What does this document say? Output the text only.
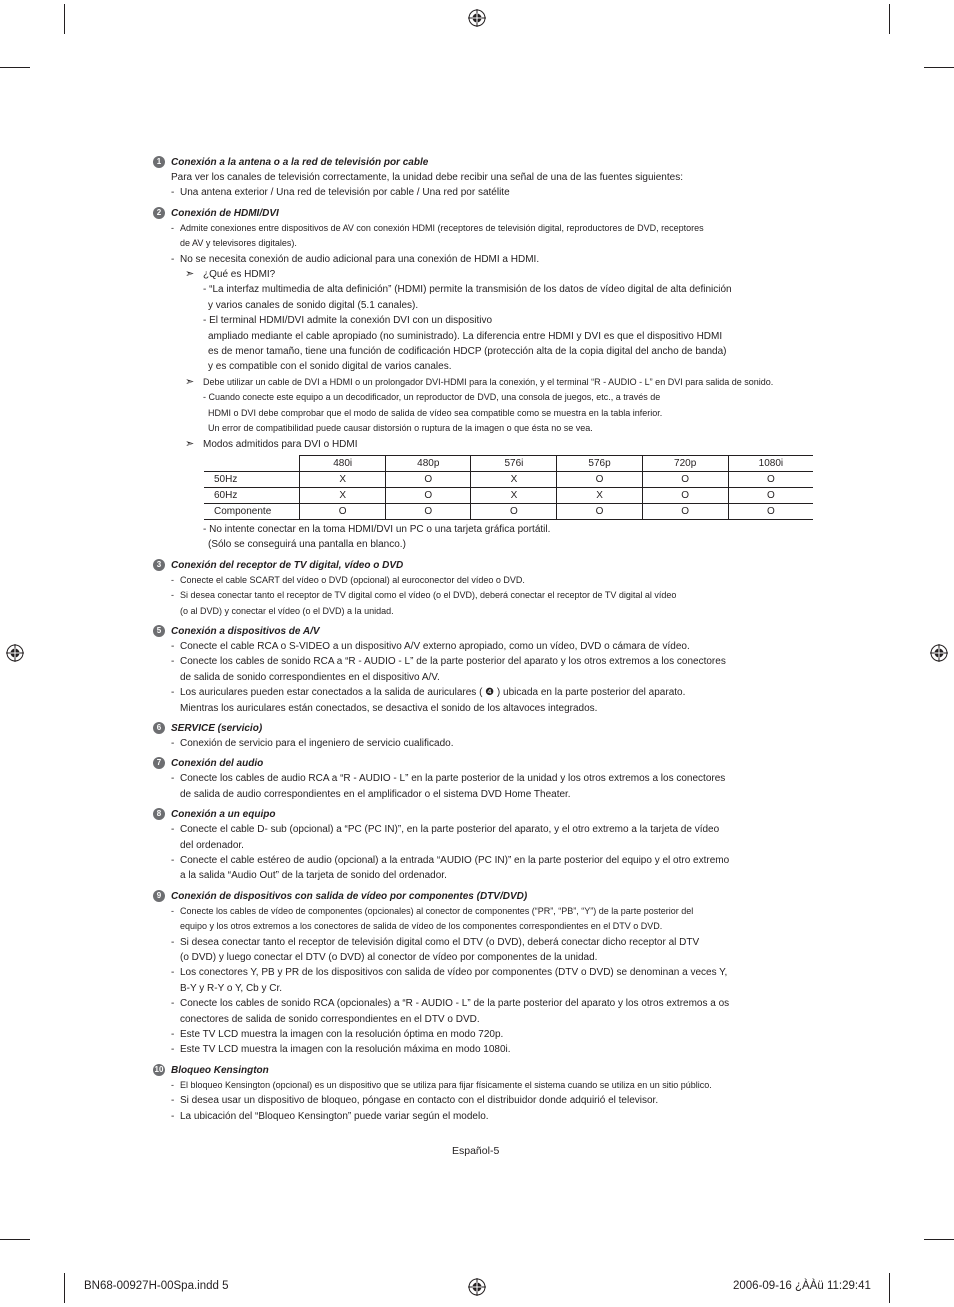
1 Conexión a la antena o a la red de televisión por cable
Para ver los canales de televisión correctamente, la unidad debe recibir una señal de una de las fuentes siguientes:
- Una antena exterior / Una red de televisión por cable / Una red por satélite
2 Conexión de HDMI/DVI
- Admite conexiones entre dispositivos de AV con conexión HDMI (receptores de televisión digital, reproductores de DVD, receptores
de AV y televisores digitales).
- No se necesita conexión de audio adicional para una conexión de HDMI a HDMI.
➣ ¿Qué es HDMI?
- “La interfaz multimedia de alta definición” (HDMI) permite la transmisión de los datos de vídeo digital de alta definición
y varios canales de sonido digital (5.1 canales).
- El terminal HDMI/DVI admite la conexión DVI con un dispositivo
ampliado mediante el cable apropiado (no suministrado). La diferencia entre HDMI y DVI es que el dispositivo HDMI
es de menor tamaño, tiene una función de codificación HDCP (protección alta de la copia digital del ancho de banda)
y es compatible con el sonido digital de varios canales.
➣ Debe utilizar un cable de DVI a HDMI o un prolongador DVI-HDMI para la conexión, y el terminal “R - AUDIO - L” en DVI para salida de sonido.
- Cuando conecte este equipo a un decodificador, un reproductor de DVD, una consola de juegos, etc., a través de
HDMI o DVI debe comprobar que el modo de salida de vídeo sea compatible como se muestra en la tabla inferior.
Un error de compatibilidad puede causar distorsión o ruptura de la imagen o que ésta no se vea.
➣ Modos admitidos para DVI o HDMI
	480i	480p	576i	576p	720p	1080i
50Hz	X	O	X	O	O	O
60Hz	X	O	X	X	O	O
Componente	O	O	O	O	O	O
- No intente conectar en la toma HDMI/DVI un PC o una tarjeta gráfica portátil.
(Sólo se conseguirá una pantalla en blanco.)
3 Conexión del receptor de TV digital, vídeo o DVD
- Conecte el cable SCART del vídeo o DVD (opcional) al euroconector del vídeo o DVD.
- Si desea conectar tanto el receptor de TV digital como el vídeo (o el DVD), deberá conectar el receptor de TV digital al vídeo
(o al DVD) y conectar el vídeo (o el DVD) a la unidad.
5 Conexión a dispositivos de A/V
- Conecte el cable RCA o S-VIDEO a un dispositivo A/V externo apropiado, como un vídeo, DVD o cámara de vídeo.
- Conecte los cables de sonido RCA a “R - AUDIO - L” de la parte posterior del aparato y los otros extremos a los conectores
de salida de sonido correspondientes en el dispositivo A/V.
- Los auriculares pueden estar conectados a la salida de auriculares ( ❹ ) ubicada en la parte posterior del aparato.
Mientras los auriculares están conectados, se desactiva el sonido de los altavoces integrados.
6 SERVICE (servicio)
- Conexión de servicio para el ingeniero de servicio cualificado.
7 Conexión del audio
- Conecte los cables de audio RCA a “R - AUDIO - L” en la parte posterior de la unidad y los otros extremos a los conectores
de salida de audio correspondientes en el amplificador o el sistema DVD Home Theater.
8 Conexión a un equipo
- Conecte el cable D- sub (opcional) a “PC (PC IN)”, en la parte posterior del aparato, y el otro extremo a la tarjeta de vídeo
del ordenador.
- Conecte el cable estéreo de audio (opcional) a la entrada “AUDIO (PC IN)” en la parte posterior del equipo y el otro extremo
a la salida “Audio Out” de la tarjeta de sonido del ordenador.
9 Conexión de dispositivos con salida de vídeo por componentes (DTV/DVD)
- Conecte los cables de vídeo de componentes (opcionales) al conector de componentes (“PR”, “PB”, “Y”) de la parte posterior del
equipo y los otros extremos a los conectores de salida de vídeo de los componentes correspondientes en el DTV o DVD.
- Si desea conectar tanto el receptor de televisión digital como el DTV (o DVD), deberá conectar dicho receptor al DTV
(o DVD) y luego conectar el DTV (o DVD) al conector de vídeo por componentes de la unidad.
- Los conectores Y, PB y PR de los dispositivos con salida de vídeo por componentes (DTV o DVD) se denominan a veces Y,
B-Y y R-Y o Y, Cb y Cr.
- Conecte los cables de sonido RCA (opcionales) a “R - AUDIO - L” de la parte posterior del aparato y los otros extremos a os
conectores de salida de sonido correspondientes en el DTV o DVD.
- Este TV LCD muestra la imagen con la resolución óptima en modo 720p.
- Este TV LCD muestra la imagen con la resolución máxima en modo 1080i.
10 Bloqueo Kensington
- El bloqueo Kensington (opcional) es un dispositivo que se utiliza para fijar físicamente el sistema cuando se utiliza en un sitio público.
- Si desea usar un dispositivo de bloqueo, póngase en contacto con el distribuidor donde adquirió el televisor.
- La ubicación del “Bloqueo Kensington” puede variar según el modelo.
Español-5
BN68-00927H-00Spa.indd 5	2006-09-16 ¿ÀÀü 11:29:41
